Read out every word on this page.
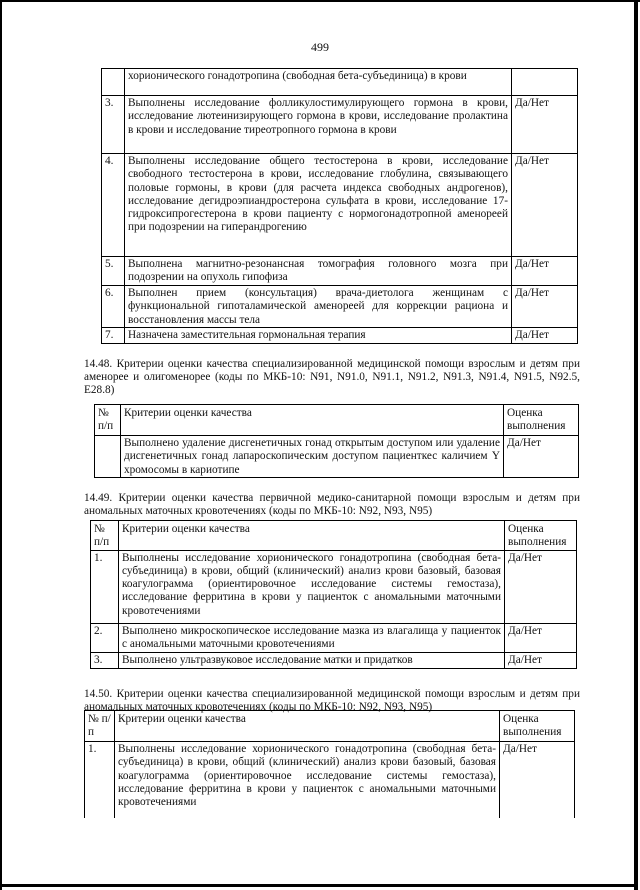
499
	хорионического гонадотропина (свободная бета-субъединица) в крови	
3.	Выполнены исследование фолликулостимулирующего гормона в крови, исследование лютеинизирующего гормона в крови, исследование пролактина в крови и исследование тиреотропного гормона в крови	Да/Нет
4.	Выполнены исследование общего тестостерона в крови, исследование свободного тестостерона в крови, исследование глобулина, связывающего половые гормоны, в крови (для расчета индекса свободных андрогенов), исследование дегидроэпиандростерона сульфата в крови, исследование 17-гидроксипрогестерона в крови пациенту с нормогонадотропной аменореей при подозрении на гиперандрогению	Да/Нет
5.	Выполнена магнитно-резонансная томография головного мозга при подозрении на опухоль гипофиза	Да/Нет
6.	Выполнен прием (консультация) врача-диетолога женщинам с функциональной гипоталамической аменореей для коррекции рациона и восстановления массы тела	Да/Нет
7.	Назначена заместительная гормональная терапия	Да/Нет

14.48. Критерии оценки качества специализированной медицинской помощи взрослым и детям при аменорее и олигоменорее (коды по МКБ-10: N91, N91.0, N91.1, N91.2, N91.3, N91.4, N91.5, N92.5, E28.8)

№ п/п	Критерии оценки качества	Оценка выполнения
	Выполнено удаление дисгенетичных гонад открытым доступом или удаление дисгенетичных гонад лапароскопическим доступом пациенткес каличием Y хромосомы в кариотипе	Да/Нет

14.49. Критерии оценки качества первичной медико-санитарной помощи взрослым и детям при аномальных маточных кровотечениях (коды по МКБ-10: N92, N93, N95)

№ п/п	Критерии оценки качества	Оценка выполнения
1.	Выполнены исследование хорионического гонадотропина (свободная бета-субъединица) в крови, общий (клинический) анализ крови базовый, базовая коагулограмма (ориентировочное исследование системы гемостаза), исследование ферритина в крови у пациенток с аномальными маточными кровотечениями	Да/Нет
2.	Выполнено микроскопическое исследование мазка из влагалища у пациенток с аномальными маточными кровотечениями	Да/Нет
3.	Выполнено ультразвуковое исследование матки и придатков	Да/Нет

14.50. Критерии оценки качества специализированной медицинской помощи взрослым и детям при аномальных маточных кровотечениях (коды по МКБ-10: N92, N93, N95)

№ п/п	Критерии оценки качества	Оценка выполнения
1.	Выполнены исследование хорионического гонадотропина (свободная бета-субъединица) в крови, общий (клинический) анализ крови базовый, базовая коагулограмма (ориентировочное исследование системы гемостаза), исследование ферритина в крови у пациенток с аномальными маточными кровотечениями	Да/Нет
